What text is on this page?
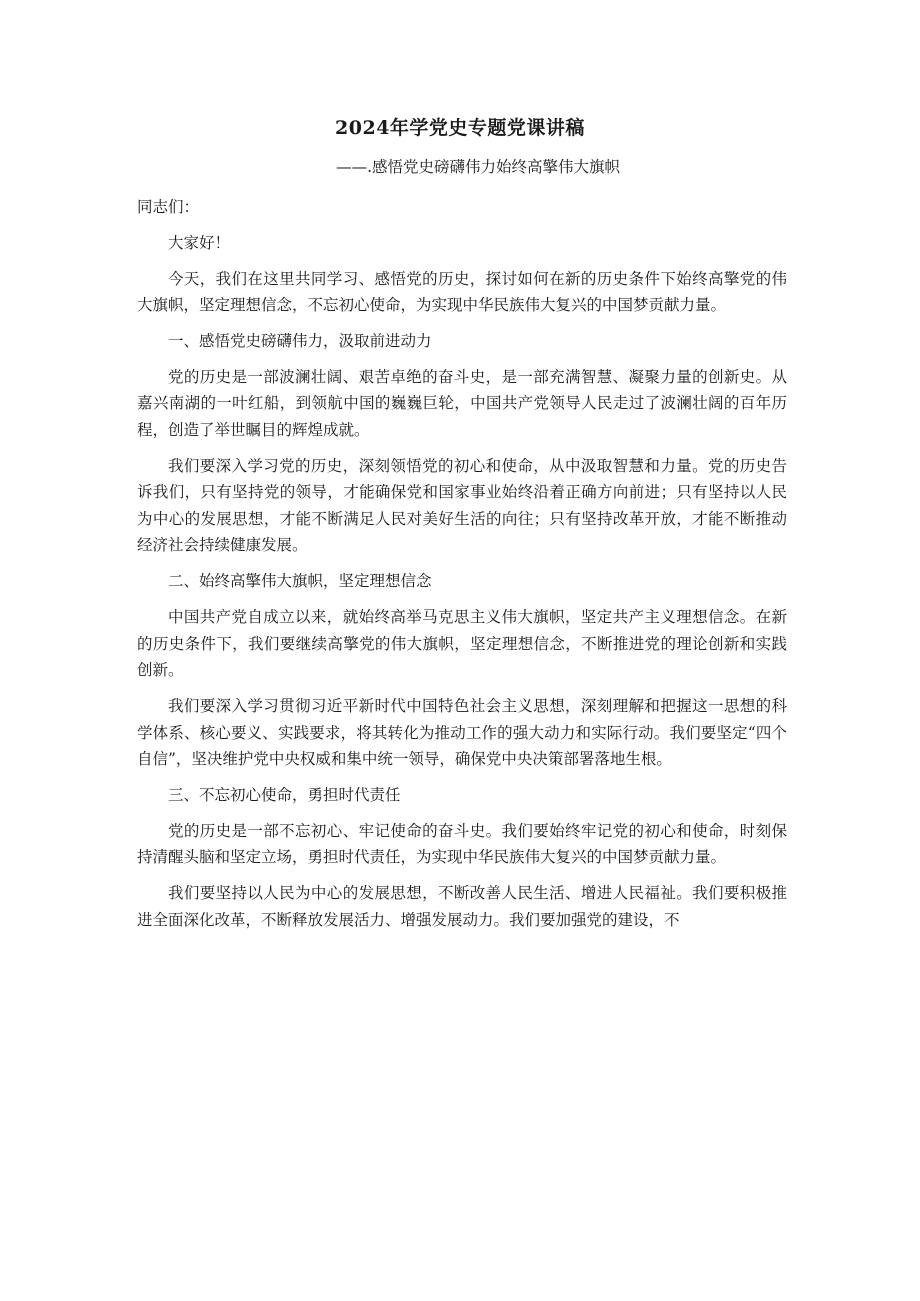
2024年学党史专题党课讲稿
——.感悟党史磅礴伟力始终高擎伟大旗帜

同志们：

大家好！

今天，我们在这里共同学习、感悟党的历史，探讨如何在新的历史条件下始终高擎党的伟大旗帜，坚定理想信念，不忘初心使命，为实现中华民族伟大复兴的中国梦贡献力量。

一、感悟党史磅礴伟力，汲取前进动力

党的历史是一部波澜壮阔、艰苦卓绝的奋斗史，是一部充满智慧、凝聚力量的创新史。从嘉兴南湖的一叶红船，到领航中国的巍巍巨轮，中国共产党领导人民走过了波澜壮阔的百年历程，创造了举世瞩目的辉煌成就。

我们要深入学习党的历史，深刻领悟党的初心和使命，从中汲取智慧和力量。党的历史告诉我们，只有坚持党的领导，才能确保党和国家事业始终沿着正确方向前进；只有坚持以人民为中心的发展思想，才能不断满足人民对美好生活的向往；只有坚持改革开放，才能不断推动经济社会持续健康发展。

二、始终高擎伟大旗帜，坚定理想信念

中国共产党自成立以来，就始终高举马克思主义伟大旗帜，坚定共产主义理想信念。在新的历史条件下，我们要继续高擎党的伟大旗帜，坚定理想信念，不断推进党的理论创新和实践创新。

我们要深入学习贯彻习近平新时代中国特色社会主义思想，深刻理解和把握这一思想的科学体系、核心要义、实践要求，将其转化为推动工作的强大动力和实际行动。我们要坚定“四个自信”，坚决维护党中央权威和集中统一领导，确保党中央决策部署落地生根。

三、不忘初心使命，勇担时代责任

党的历史是一部不忘初心、牢记使命的奋斗史。我们要始终牢记党的初心和使命，时刻保持清醒头脑和坚定立场，勇担时代责任，为实现中华民族伟大复兴的中国梦贡献力量。

我们要坚持以人民为中心的发展思想，不断改善人民生活、增进人民福祉。我们要积极推进全面深化改革，不断释放发展活力、增强发展动力。我们要加强党的建设，不
